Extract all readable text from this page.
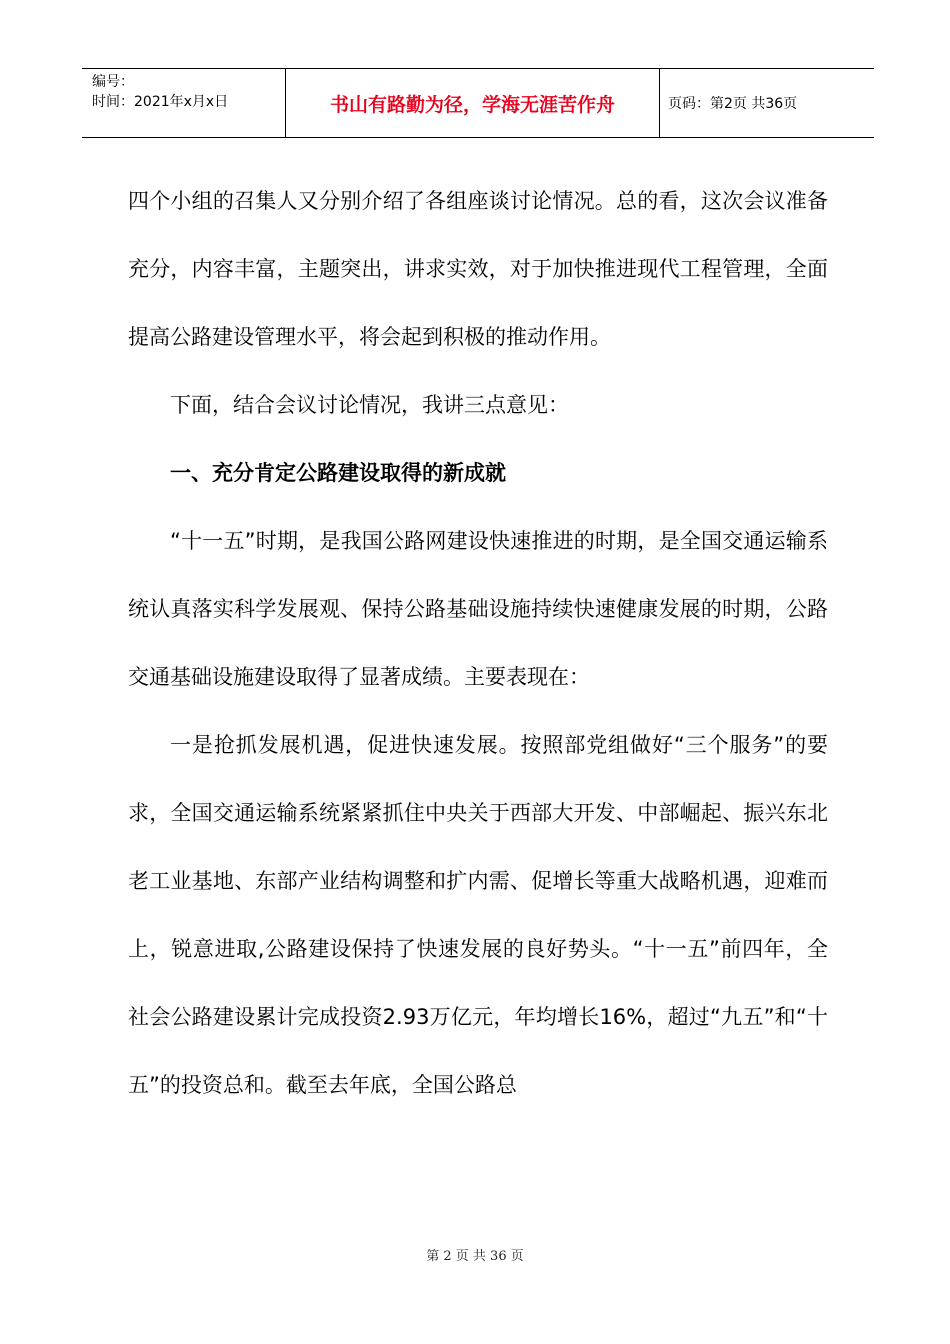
编号：
时间：2021年x月x日	书山有路勤为径，学海无涯苦作舟	页码：第2页 共36页

四个小组的召集人又分别介绍了各组座谈讨论情况。总的看，这次会议准备充分，内容丰富，主题突出，讲求实效，对于加快推进现代工程管理，全面提高公路建设管理水平，将会起到积极的推动作用。

下面，结合会议讨论情况，我讲三点意见：

一、充分肯定公路建设取得的新成就

“十一五”时期，是我国公路网建设快速推进的时期，是全国交通运输系统认真落实科学发展观、保持公路基础设施持续快速健康发展的时期，公路交通基础设施建设取得了显著成绩。主要表现在：

一是抢抓发展机遇，促进快速发展。按照部党组做好“三个服务”的要求，全国交通运输系统紧紧抓住中央关于西部大开发、中部崛起、振兴东北老工业基地、东部产业结构调整和扩内需、促增长等重大战略机遇，迎难而上，锐意进取,公路建设保持了快速发展的良好势头。“十一五”前四年，全社会公路建设累计完成投资2.93万亿元，年均增长16%，超过“九五”和“十五”的投资总和。截至去年底，全国公路总

第 2 页 共 36 页
